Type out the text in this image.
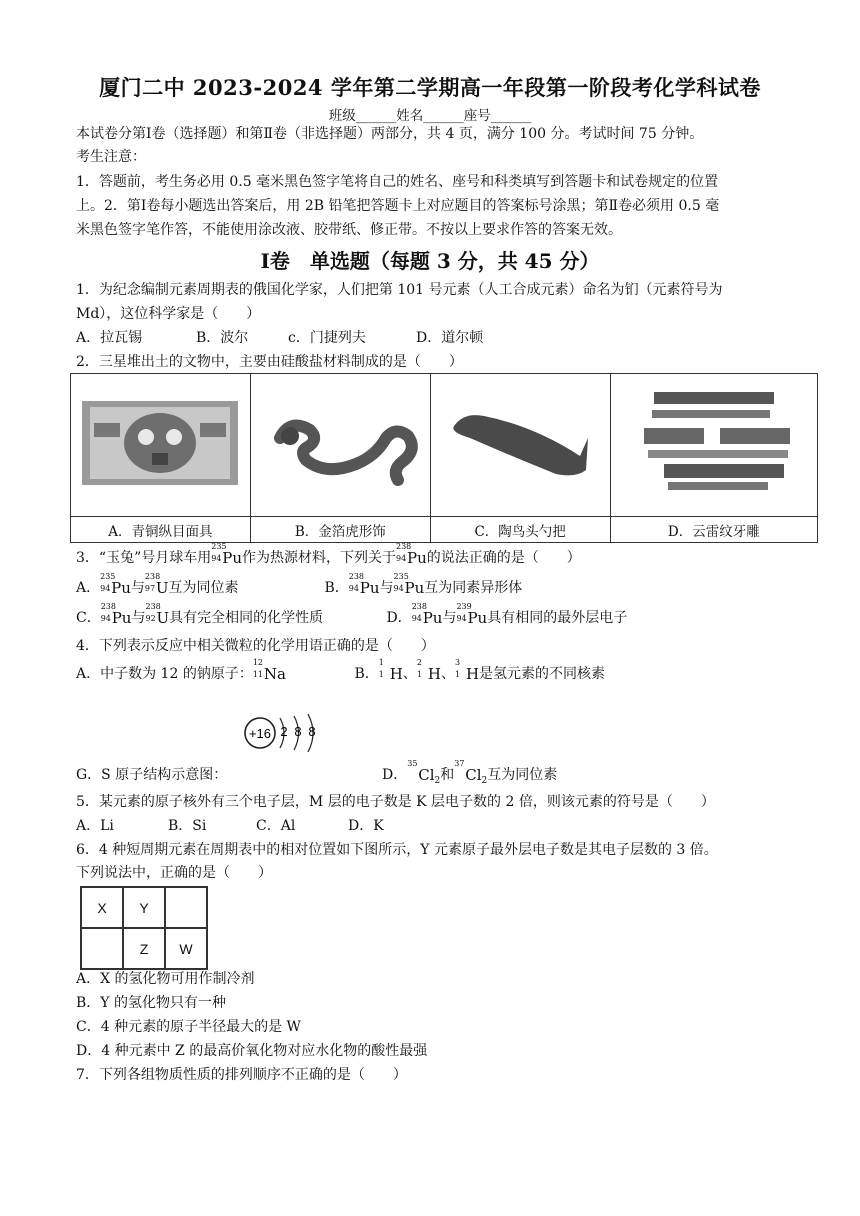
厦门二中 2023-2024 学年第二学期高一年段第一阶段考化学科试卷
班级______姓名______座号______
本试卷分第Ⅰ卷（选择题）和第Ⅱ卷（非选择题）两部分，共 4 页，满分 100 分。考试时间 75 分钟。
考生注意：
1．答题前，考生务必用 0.5 毫米黑色签字笔将自己的姓名、座号和科类填写到答题卡和试卷规定的位置
上。2．第Ⅰ卷每小题选出答案后，用 2B 铅笔把答题卡上对应题目的答案标号涂黑；第Ⅱ卷必须用 0.5 毫
米黑色签字笔作答，不能使用涂改液、胶带纸、修正带。不按以上要求作答的答案无效。
Ⅰ卷　单选题（每题 3 分，共 45 分）
1．为纪念编制元素周期表的俄国化学家，人们把第 101 号元素（人工合成元素）命名为钔（元素符号为
Md），这位科学家是（　　）
A．拉瓦锡	B．波尔	c．门捷列夫	D．道尔顿
2．三星堆出土的文物中，主要由硅酸盐材料制成的是（　　）

A．青铜纵目面具	B．金箔虎形饰	C．陶鸟头勺把	D．云雷纹牙雕
3．“玉兔”号月球车用
235
94 Pu作为热源材料，下列关于
238
94 Pu的说法正确的是（　　）
A．
235
94 Pu与
238
97 U互为同位素	B．
238
94 Pu与
235
94 Pu互为同素异形体
C．
238
94 Pu与
238
92 U具有完全相同的化学性质	D．
238
94 Pu与
239
94 Pu具有相同的最外层电子
4．下列表示反应中相关微粒的化学用语正确的是（　　）
A．中子数为 12 的钠原子：
12
11 Na	B．
1
1 H、
2
1 H、
3
1 H是氢元素的不同核素
+16 2 8 8
G．S 原子结构示意图：	D．
35
$Cl_2$和
37
$Cl_2$互为同位素
5．某元素的原子核外有三个电子层，M 层的电子数是 K 层电子数的 2 倍，则该元素的符号是（　　）
A．Li	B．Si	C．Al	D．K
6．4 种短周期元素在周期表中的相对位置如下图所示，Y 元素原子最外层电子数是其电子层数的 3 倍。
下列说法中，正确的是（　　）
X	Y	
	Z	W
A．X 的氢化物可用作制冷剂
B．Y 的氢化物只有一种
C．4 种元素的原子半径最大的是 W
D．4 种元素中 Z 的最高价氧化物对应水化物的酸性最强
7．下列各组物质性质的排列顺序不正确的是（　　）
